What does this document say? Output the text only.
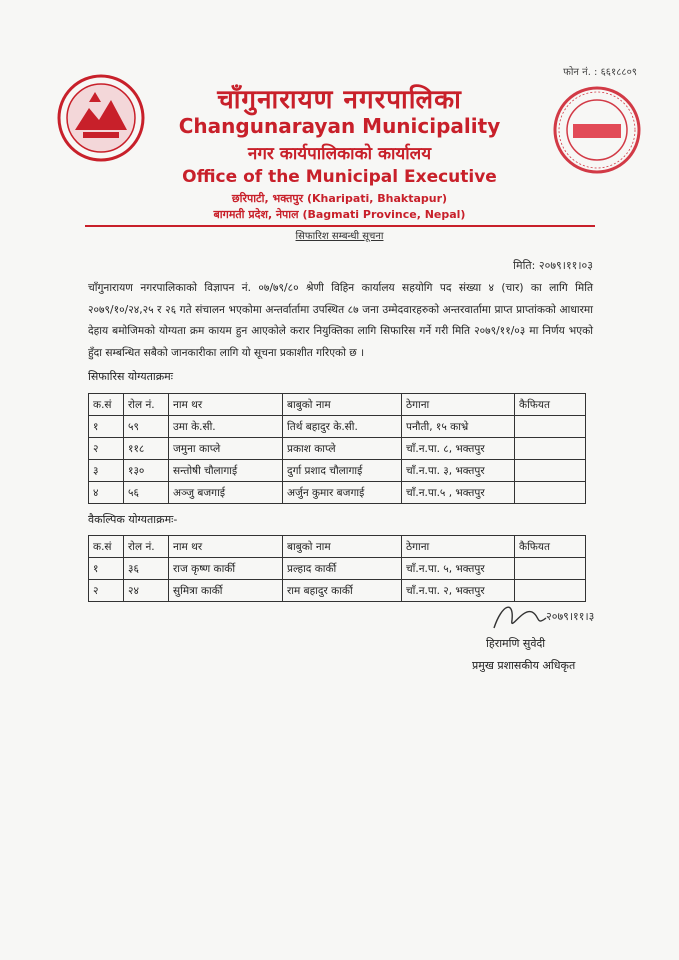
फोन नं. : ६६१८८०९
चाँगुनारायण नगरपालिका
Changunarayan Municipality
नगर कार्यपालिकाको कार्यालय
Office of the Municipal Executive
छरिपाटी, भक्तपुर (Kharipati, Bhaktapur)
बागमती प्रदेश, नेपाल (Bagmati Province, Nepal)
सिफारिश सम्बन्धी सूचना
मिति: २०७९।११।०३
चाँगुनारायण नगरपालिकाको विज्ञापन नं. ०७/७९/८० श्रेणी विहिन कार्यालय सहयोगि पद संख्या ४ (चार) का लागि मिति २०७९/१०/२४,२५ र २६ गते संचालन भएकोमा अन्तर्वार्तामा उपस्थित ८७ जना उम्मेदवारहरुको अन्तरवार्तामा प्राप्त प्राप्तांकको आधारमा देहाय बमोजिमको योग्यता क्रम कायम हुन आएकोले करार नियुक्तिका लागि सिफारिस गर्ने गरी मिति २०७९/११/०३ मा निर्णय भएको हुँदा सम्बन्धित सबैको जानकारीका लागि यो सूचना प्रकाशीत गरिएको छ ।
सिफारिस योग्यताक्रमः
क.सं	रोल नं.	नाम थर	बाबुको नाम	ठेगाना	कैफियत
१	५९	उमा के.सी.	तिर्थ बहादुर के.सी.	पनौती, १५ काभ्रे	
२	११८	जमुना काप्ले	प्रकाश काप्ले	चाँ.न.पा. ८, भक्तपुर	
३	१३०	सन्तोषी चौलागाई	दुर्गा प्रशाद चौलागाई	चाँ.न.पा. ३, भक्तपुर	
४	५६	अञ्जु बजगाई	अर्जुन कुमार बजगाई	चाँ.न.पा.५ , भक्तपुर	
वैकल्पिक योग्यताक्रमः-
क.सं	रोल नं.	नाम थर	बाबुको नाम	ठेगाना	कैफियत
१	३६	राज कृष्ण कार्की	प्रल्हाद कार्की	चाँ.न.पा. ५, भक्तपुर	
२	२४	सुमित्रा कार्की	राम बहादुर कार्की	चाँ.न.पा. २, भक्तपुर	
२०७९।११।३
हिरामणि सुवेदी
प्रमुख प्रशासकीय अधिकृत
